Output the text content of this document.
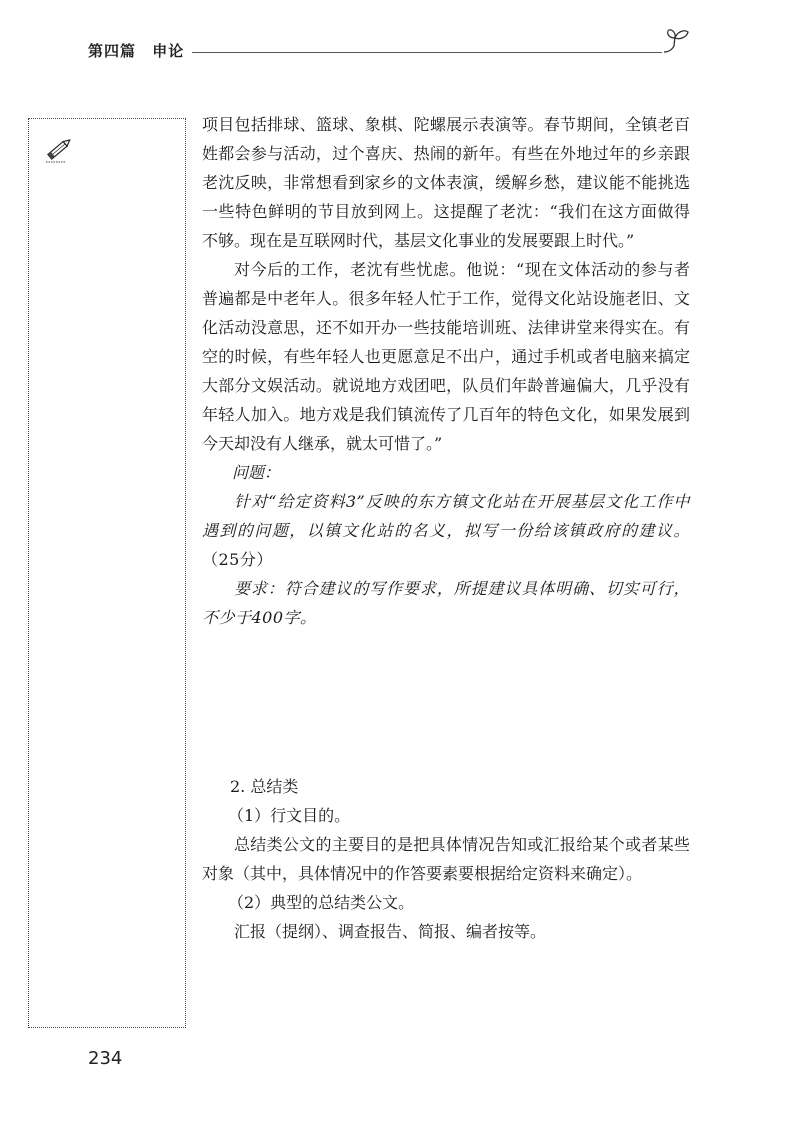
第四篇 申论

项目包括排球、篮球、象棋、陀螺展示表演等。春节期间，全镇老百姓都会参与活动，过个喜庆、热闹的新年。有些在外地过年的乡亲跟老沈反映，非常想看到家乡的文体表演，缓解乡愁，建议能不能挑选一些特色鲜明的节目放到网上。这提醒了老沈：“我们在这方面做得不够。现在是互联网时代，基层文化事业的发展要跟上时代。”

对今后的工作，老沈有些忧虑。他说：“现在文体活动的参与者普遍都是中老年人。很多年轻人忙于工作，觉得文化站设施老旧、文化活动没意思，还不如开办一些技能培训班、法律讲堂来得实在。有空的时候，有些年轻人也更愿意足不出户，通过手机或者电脑来搞定大部分文娱活动。就说地方戏团吧，队员们年龄普遍偏大，几乎没有年轻人加入。地方戏是我们镇流传了几百年的特色文化，如果发展到今天却没有人继承，就太可惜了。”

问题：

针对“给定资料3”反映的东方镇文化站在开展基层文化工作中遇到的问题，以镇文化站的名义，拟写一份给该镇政府的建议。（25分）

要求：符合建议的写作要求，所提建议具体明确、切实可行，不少于400字。

2. 总结类

（1）行文目的。

总结类公文的主要目的是把具体情况告知或汇报给某个或者某些对象（其中，具体情况中的作答要素要根据给定资料来确定）。

（2）典型的总结类公文。

汇报（提纲）、调查报告、简报、编者按等。

234
